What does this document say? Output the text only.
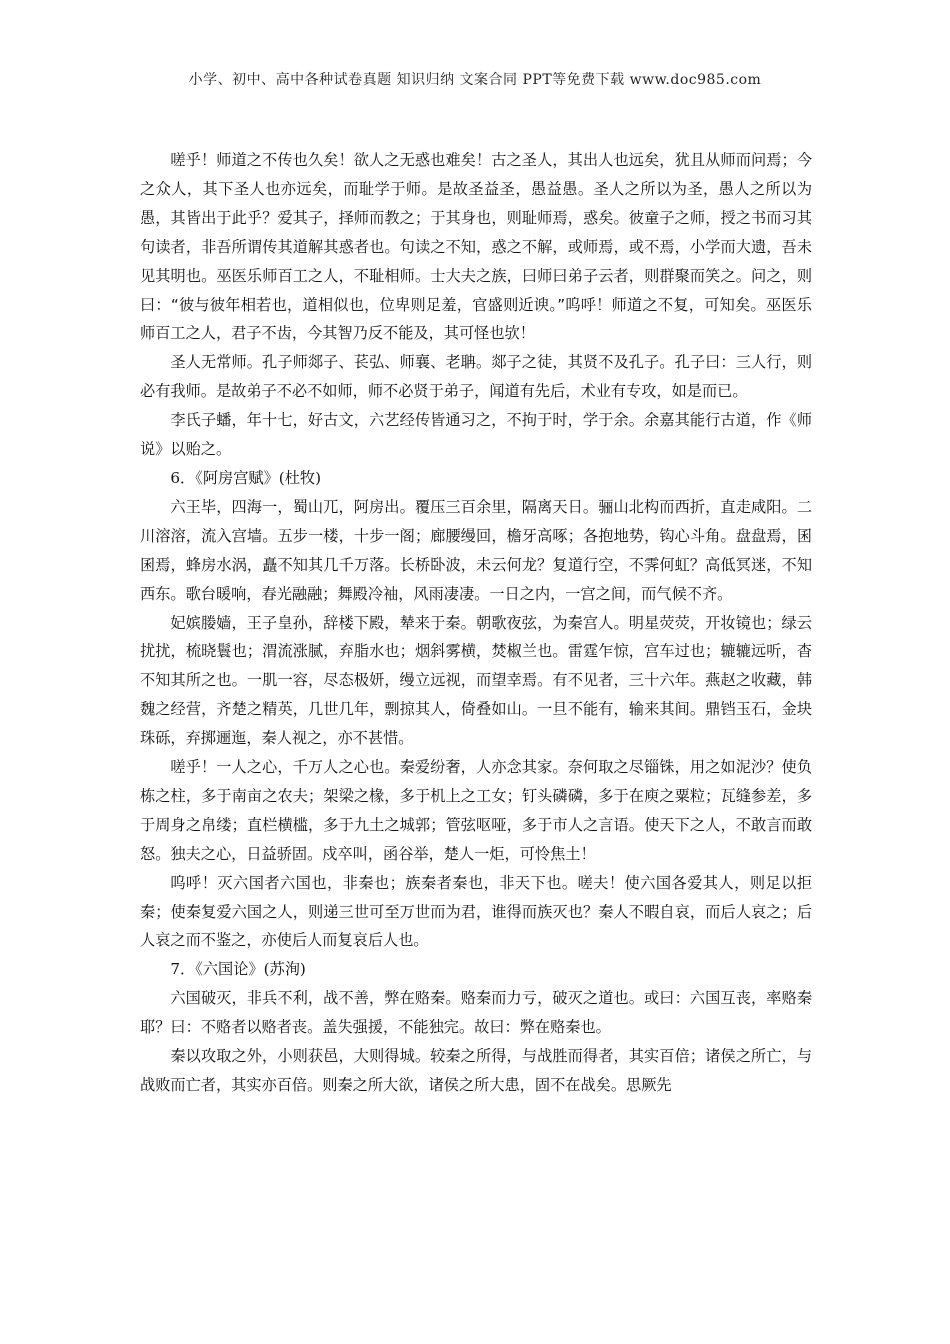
小学、初中、高中各种试卷真题 知识归纳 文案合同 PPT等免费下载 www.doc985.com

嗟乎！师道之不传也久矣！欲人之无惑也难矣！古之圣人，其出人也远矣，犹且从师而问焉；今之众人，其下圣人也亦远矣，而耻学于师。是故圣益圣，愚益愚。圣人之所以为圣，愚人之所以为愚，其皆出于此乎？爱其子，择师而教之；于其身也，则耻师焉，惑矣。彼童子之师，授之书而习其句读者，非吾所谓传其道解其惑者也。句读之不知，惑之不解，或师焉，或不焉，小学而大遗，吾未见其明也。巫医乐师百工之人，不耻相师。士大夫之族，曰师曰弟子云者，则群聚而笑之。问之，则曰：“彼与彼年相若也，道相似也，位卑则足羞，官盛则近谀。”呜呼！师道之不复，可知矣。巫医乐师百工之人，君子不齿，今其智乃反不能及，其可怪也欤！

圣人无常师。孔子师郯子、苌弘、师襄、老聃。郯子之徒，其贤不及孔子。孔子曰：三人行，则必有我师。是故弟子不必不如师，师不必贤于弟子，闻道有先后，术业有专攻，如是而已。

李氏子蟠，年十七，好古文，六艺经传皆通习之，不拘于时，学于余。余嘉其能行古道，作《师说》以贻之。

6．《阿房宫赋》(杜牧)

六王毕，四海一，蜀山兀，阿房出。覆压三百余里，隔离天日。骊山北构而西折，直走咸阳。二川溶溶，流入宫墙。五步一楼，十步一阁；廊腰缦回，檐牙高啄；各抱地势，钩心斗角。盘盘焉，囷囷焉，蜂房水涡，矗不知其几千万落。长桥卧波，未云何龙？复道行空，不霁何虹？高低冥迷，不知西东。歌台暖响，春光融融；舞殿冷袖，风雨凄凄。一日之内，一宫之间，而气候不齐。

妃嫔媵嫱，王子皇孙，辞楼下殿，辇来于秦。朝歌夜弦，为秦宫人。明星荧荧，开妆镜也；绿云扰扰，梳晓鬟也；渭流涨腻，弃脂水也；烟斜雾横，焚椒兰也。雷霆乍惊，宫车过也；辘辘远听，杳不知其所之也。一肌一容，尽态极妍，缦立远视，而望幸焉。有不见者，三十六年。燕赵之收藏，韩魏之经营，齐楚之精英，几世几年，剽掠其人，倚叠如山。一旦不能有，输来其间。鼎铛玉石，金块珠砾，弃掷逦迤，秦人视之，亦不甚惜。

嗟乎！一人之心，千万人之心也。秦爱纷奢，人亦念其家。奈何取之尽锱铢，用之如泥沙？使负栋之柱，多于南亩之农夫；架梁之椽，多于机上之工女；钉头磷磷，多于在庾之粟粒；瓦缝参差，多于周身之帛缕；直栏横槛，多于九土之城郭；管弦呕哑，多于市人之言语。使天下之人，不敢言而敢怒。独夫之心，日益骄固。戍卒叫，函谷举，楚人一炬，可怜焦土！

呜呼！灭六国者六国也，非秦也；族秦者秦也，非天下也。嗟夫！使六国各爱其人，则足以拒秦；使秦复爱六国之人，则递三世可至万世而为君，谁得而族灭也？秦人不暇自哀，而后人哀之；后人哀之而不鉴之，亦使后人而复哀后人也。

7．《六国论》(苏洵)

六国破灭，非兵不利，战不善，弊在赂秦。赂秦而力亏，破灭之道也。或曰：六国互丧，率赂秦耶？曰：不赂者以赂者丧。盖失强援，不能独完。故曰：弊在赂秦也。

秦以攻取之外，小则获邑，大则得城。较秦之所得，与战胜而得者，其实百倍；诸侯之所亡，与战败而亡者，其实亦百倍。则秦之所大欲，诸侯之所大患，固不在战矣。思厥先
